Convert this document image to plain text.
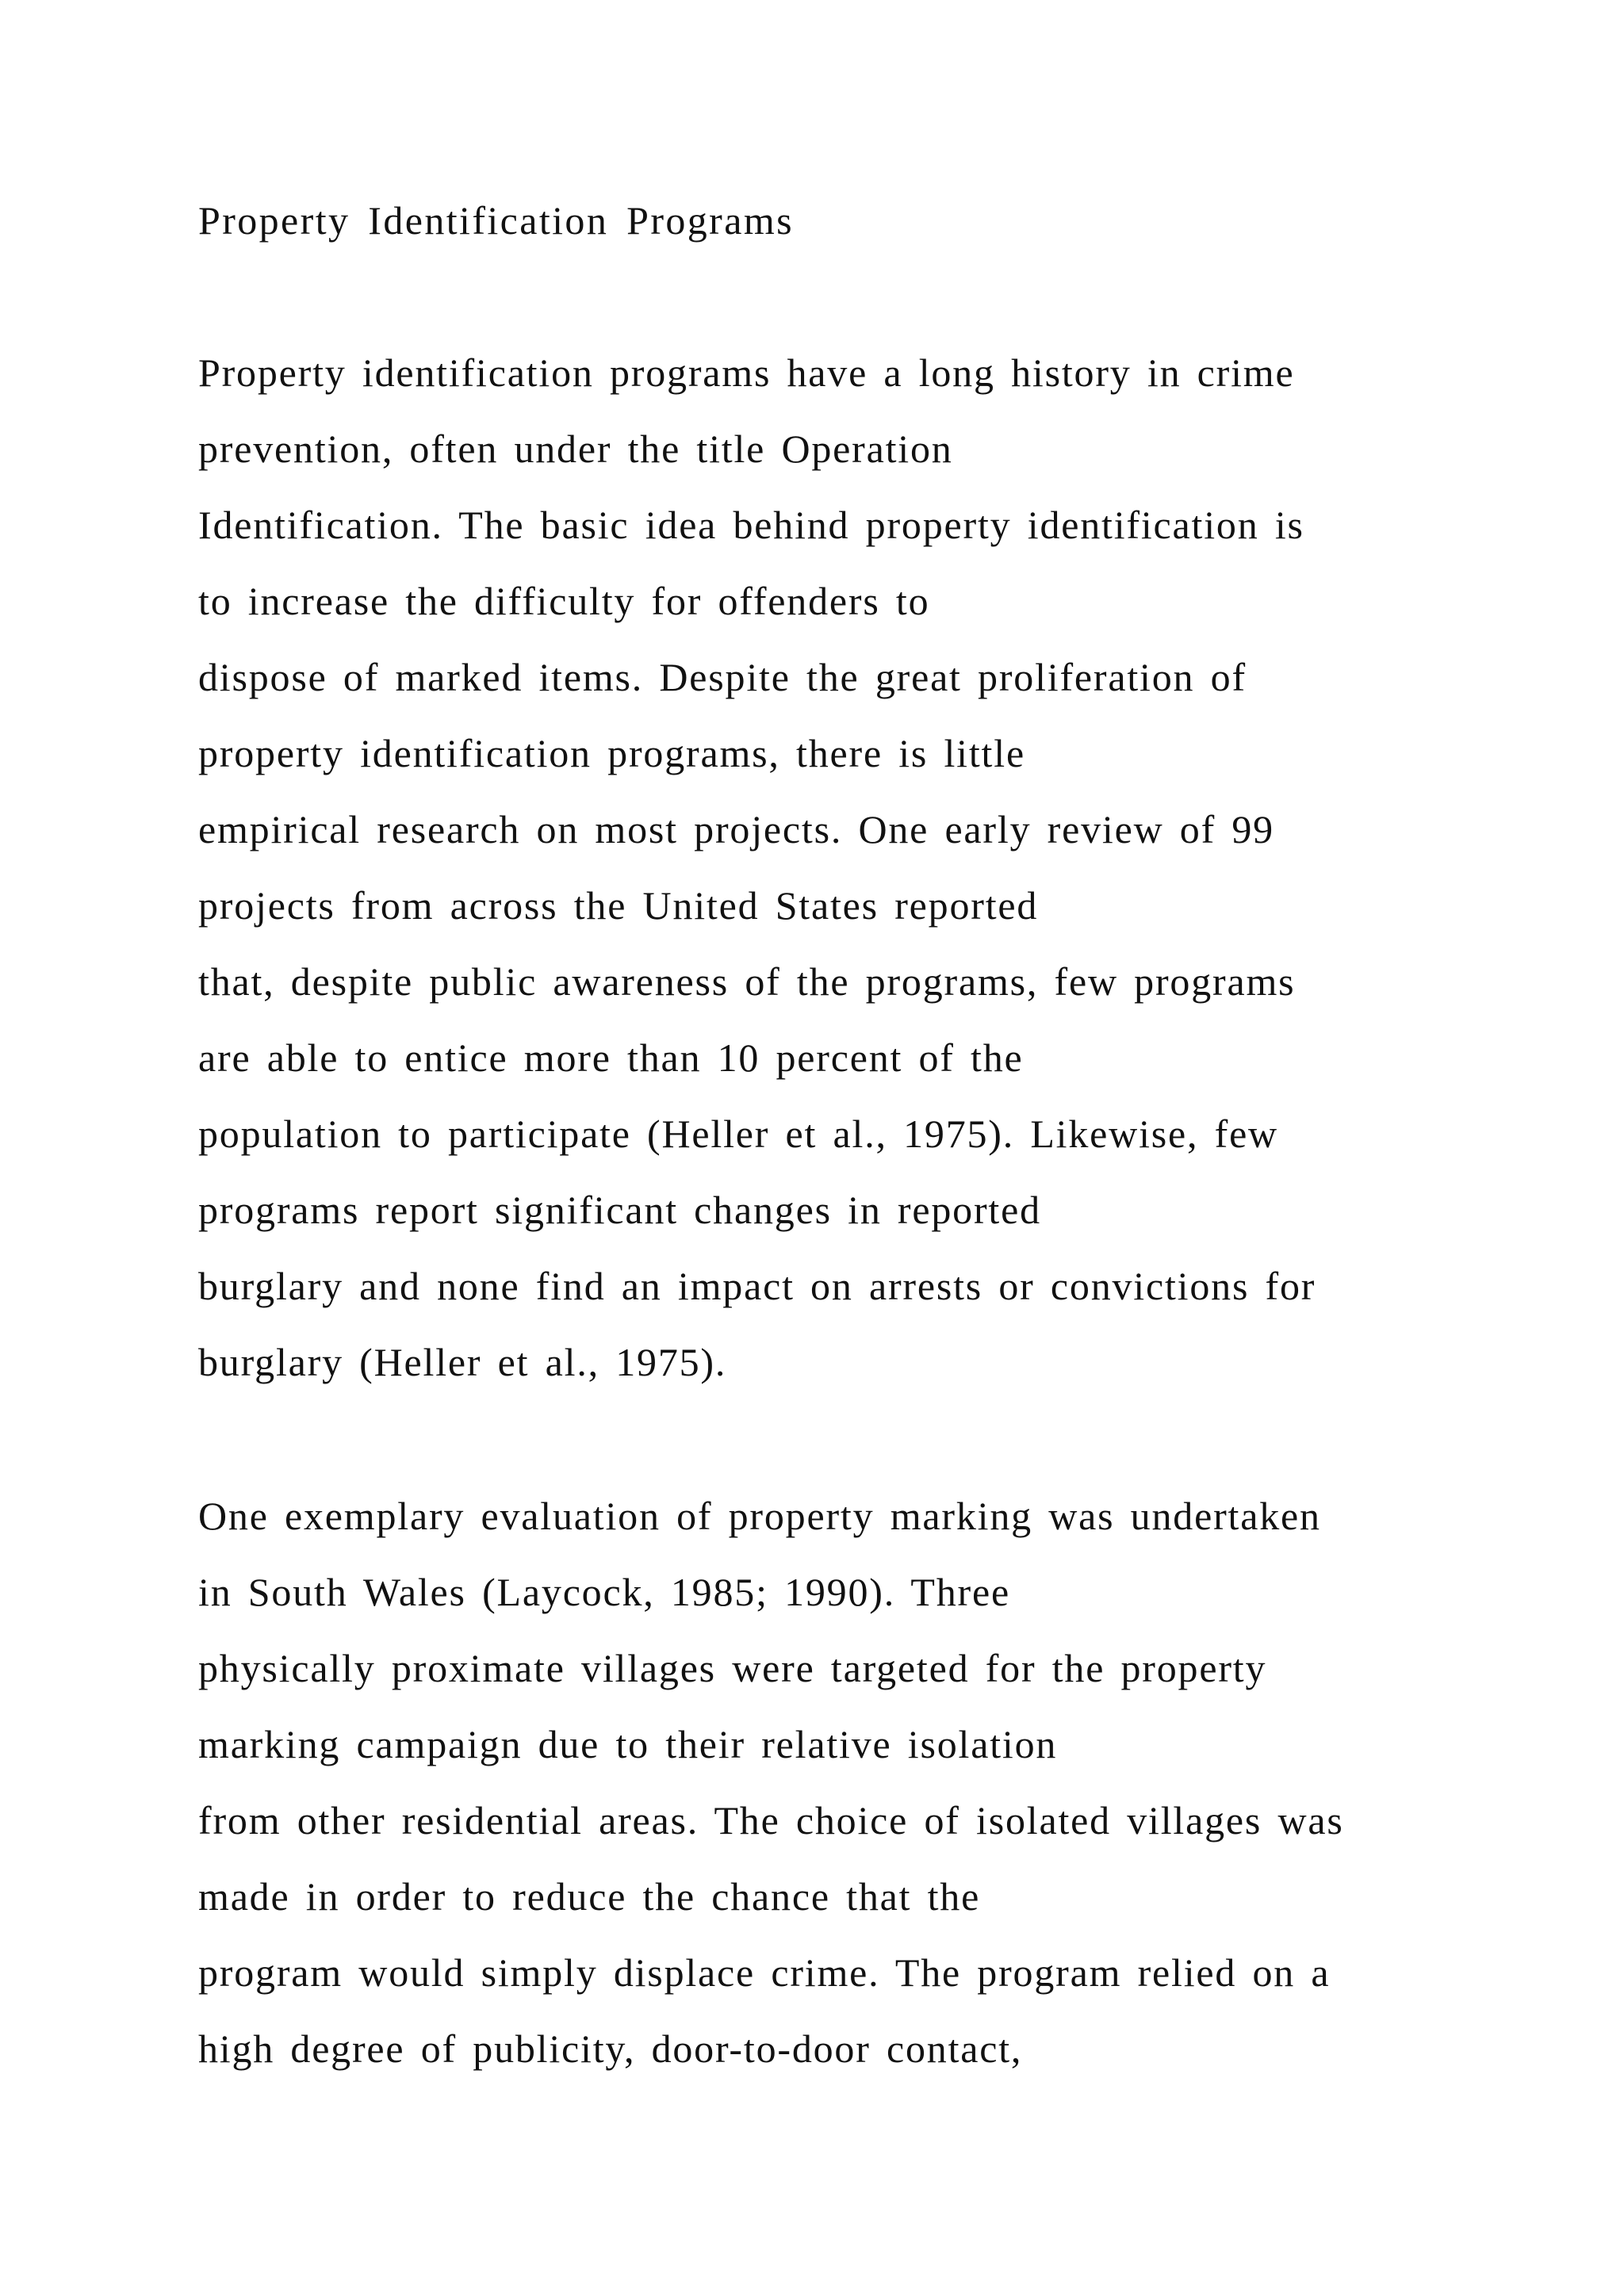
Property Identification Programs
Property identification programs have a long history in crime
prevention, often under the title Operation
Identification. The basic idea behind property identification is
to increase the difficulty for offenders to
dispose of marked items. Despite the great proliferation of
property identification programs, there is little
empirical research on most projects. One early review of 99
projects from across the United States reported
that, despite public awareness of the programs, few programs
are able to entice more than 10 percent of the
population to participate (Heller et al., 1975). Likewise, few
programs report significant changes in reported
burglary and none find an impact on arrests or convictions for
burglary (Heller et al., 1975).
One exemplary evaluation of property marking was undertaken
in South Wales (Laycock, 1985; 1990). Three
physically proximate villages were targeted for the property
marking campaign due to their relative isolation
from other residential areas. The choice of isolated villages was
made in order to reduce the chance that the
program would simply displace crime. The program relied on a
high degree of publicity, door-to-door contact,
